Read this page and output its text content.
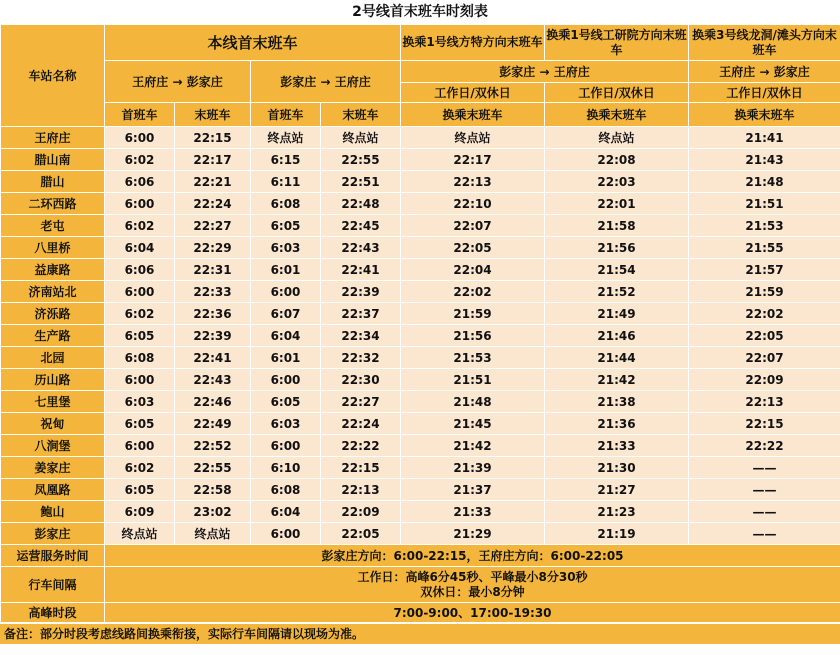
2号线首末班车时刻表
车站名称	本线首末班车				换乘1号线方特方向末班车	换乘1号线工研院方向末班车	换乘3号线龙洞/滩头方向末班车
	王府庄 → 彭家庄		彭家庄 → 王府庄		彭家庄 → 王府庄		王府庄 → 彭家庄
					工作日/双休日	工作日/双休日	工作日/双休日
	首班车	末班车	首班车	末班车	换乘末班车	换乘末班车	换乘末班车
王府庄	6:00	22:15	终点站	终点站	终点站	终点站	21:41
腊山南	6:02	22:17	6:15	22:55	22:17	22:08	21:43
腊山	6:06	22:21	6:11	22:51	22:13	22:03	21:48
二环西路	6:00	22:24	6:08	22:48	22:10	22:01	21:51
老屯	6:02	22:27	6:05	22:45	22:07	21:58	21:53
八里桥	6:04	22:29	6:03	22:43	22:05	21:56	21:55
益康路	6:06	22:31	6:01	22:41	22:04	21:54	21:57
济南站北	6:00	22:33	6:00	22:39	22:02	21:52	21:59
济泺路	6:02	22:36	6:07	22:37	21:59	21:49	22:02
生产路	6:05	22:39	6:04	22:34	21:56	21:46	22:05
北园	6:08	22:41	6:01	22:32	21:53	21:44	22:07
历山路	6:00	22:43	6:00	22:30	21:51	21:42	22:09
七里堡	6:03	22:46	6:05	22:27	21:48	21:38	22:13
祝甸	6:05	22:49	6:03	22:24	21:45	21:36	22:15
八涧堡	6:00	22:52	6:00	22:22	21:42	21:33	22:22
姜家庄	6:02	22:55	6:10	22:15	21:39	21:30	——
凤凰路	6:05	22:58	6:08	22:13	21:37	21:27	——
鲍山	6:09	23:02	6:04	22:09	21:33	21:23	——
彭家庄	终点站	终点站	6:00	22:05	21:29	21:19	——
运营服务时间	彭家庄方向：6:00-22:15，王府庄方向：6:00-22:05						
行车间隔	工作日：高峰6分45秒、平峰最小8分30秒
双休日：最小8分钟						

高峰时段	7:00-9:00、17:00-19:30						
备注：部分时段考虑线路间换乘衔接，实际行车间隔请以现场为准。
